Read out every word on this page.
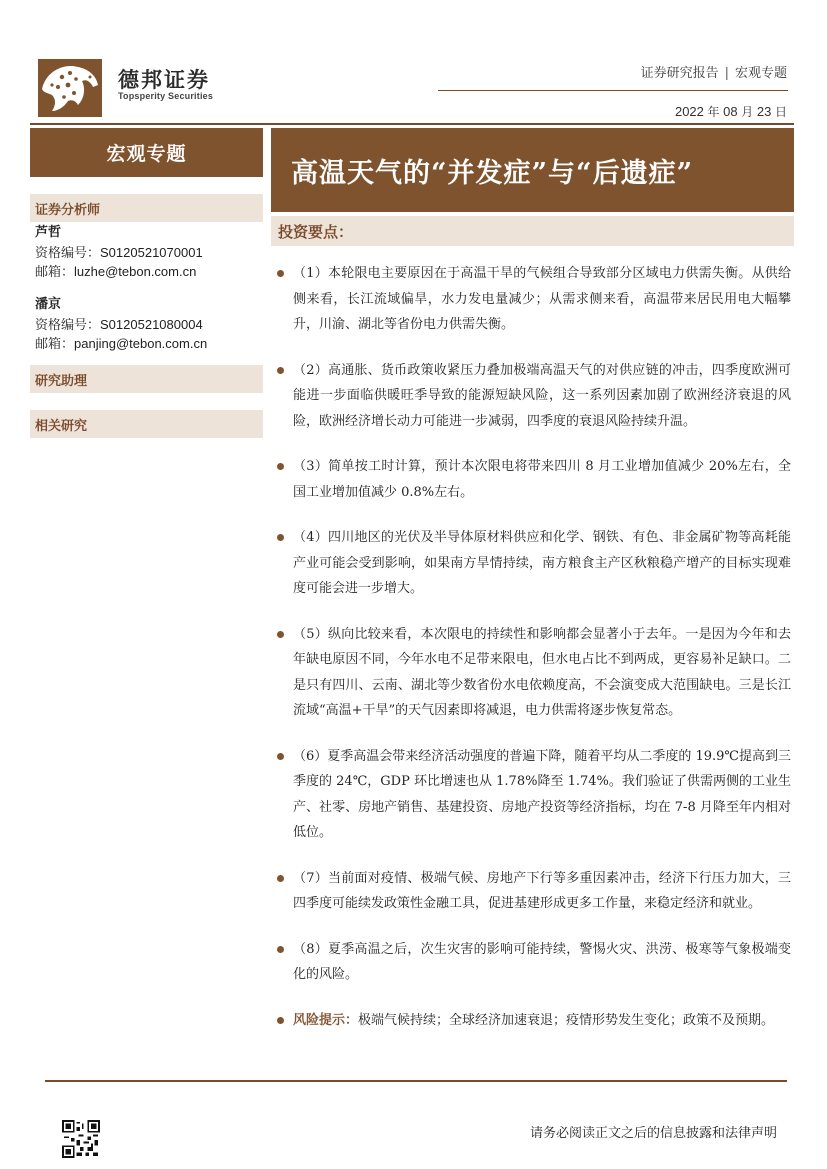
德邦证券
Topsperity Securities
证券研究报告 | 宏观专题
2022 年 08 月 23 日
宏观专题
高温天气的“并发症”与“后遗症”
证券分析师
芦哲
资格编号：S0120521070001
邮箱：luzhe@tebon.com.cn
潘京
资格编号：S0120521080004
邮箱：panjing@tebon.com.cn
研究助理
相关研究
投资要点：
（1）本轮限电主要原因在于高温干旱的气候组合导致部分区域电力供需失衡。从供给侧来看，长江流域偏旱，水力发电量减少；从需求侧来看，高温带来居民用电大幅攀升，川渝、湖北等省份电力供需失衡。
（2）高通胀、货币政策收紧压力叠加极端高温天气的对供应链的冲击，四季度欧洲可能进一步面临供暖旺季导致的能源短缺风险，这一系列因素加剧了欧洲经济衰退的风险，欧洲经济增长动力可能进一步减弱，四季度的衰退风险持续升温。
（3）简单按工时计算，预计本次限电将带来四川 8 月工业增加值减少 20%左右，全国工业增加值减少 0.8%左右。
（4）四川地区的光伏及半导体原材料供应和化学、钢铁、有色、非金属矿物等高耗能产业可能会受到影响，如果南方旱情持续，南方粮食主产区秋粮稳产增产的目标实现难度可能会进一步增大。
（5）纵向比较来看，本次限电的持续性和影响都会显著小于去年。一是因为今年和去年缺电原因不同，今年水电不足带来限电，但水电占比不到两成，更容易补足缺口。二是只有四川、云南、湖北等少数省份水电依赖度高，不会演变成大范围缺电。三是长江流域“高温+干旱”的天气因素即将减退，电力供需将逐步恢复常态。
（6）夏季高温会带来经济活动强度的普遍下降，随着平均从二季度的 19.9℃提高到三季度的 24℃，GDP 环比增速也从 1.78%降至 1.74%。我们验证了供需两侧的工业生产、社零、房地产销售、基建投资、房地产投资等经济指标，均在 7-8 月降至年内相对低位。
（7）当前面对疫情、极端气候、房地产下行等多重因素冲击，经济下行压力加大，三四季度可能续发政策性金融工具，促进基建形成更多工作量，来稳定经济和就业。
（8）夏季高温之后，次生灾害的影响可能持续，警惕火灾、洪涝、极寒等气象极端变化的风险。
风险提示：极端气候持续；全球经济加速衰退；疫情形势发生变化；政策不及预期。
请务必阅读正文之后的信息披露和法律声明
